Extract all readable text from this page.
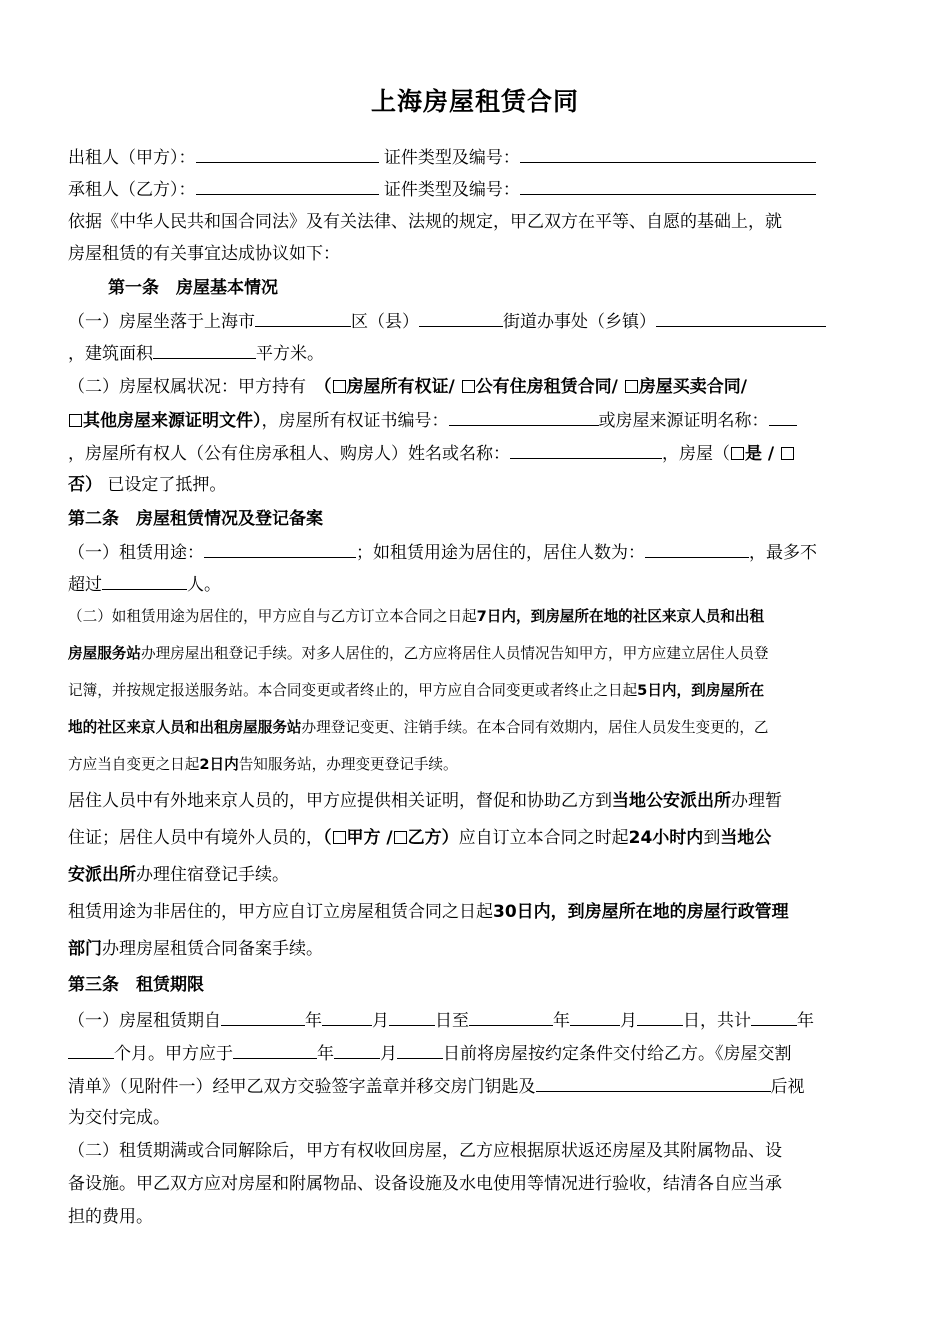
上海房屋租赁合同
出租人（甲方）：	证件类型及编号：
承租人（乙方）：	证件类型及编号：
依据《中华人民共和国合同法》及有关法律、法规的规定，甲乙双方在平等、自愿的基础上，就
房屋租赁的有关事宜达成协议如下：
第一条　房屋基本情况
（一）房屋坐落于上海市	区（县）	街道办事处（乡镇）
，建筑面积	平方米。
（二）房屋权属状况：甲方持有　（ 房屋所有权证/ 公有住房租赁合同/ 房屋买卖合同/
其他房屋来源证明文件），房屋所有权证书编号：	或房屋来源证明名称：
，房屋所有权人（公有住房承租人、购房人）姓名或名称：	，房屋（ 是 /
否） 已设定了抵押。
第二条　房屋租赁情况及登记备案
（一）租赁用途：	；如租赁用途为居住的，居住人数为：	，最多不
超过	人。
（二）如租赁用途为居住的，甲方应自与乙方订立本合同之日起7日内，到房屋所在地的社区来京人员和出租
房屋服务站办理房屋出租登记手续。对多人居住的，乙方应将居住人员情况告知甲方，甲方应建立居住人员登
记簿，并按规定报送服务站。本合同变更或者终止的，甲方应自合同变更或者终止之日起5日内，到房屋所在
地的社区来京人员和出租房屋服务站办理登记变更、注销手续。在本合同有效期内，居住人员发生变更的，乙
方应当自变更之日起2日内告知服务站，办理变更登记手续。
居住人员中有外地来京人员的，甲方应提供相关证明，督促和协助乙方到当地公安派出所办理暂
住证；居住人员中有境外人员的，（ 甲方 / 乙方）应自订立本合同之时起24小时内到当地公
安派出所办理住宿登记手续。
租赁用途为非居住的，甲方应自订立房屋租赁合同之日起30日内，到房屋所在地的房屋行政管理
部门办理房屋租赁合同备案手续。
第三条　租赁期限
（一）房屋租赁期自	年	月	日至	年	月	日，共计	年
个月。甲方应于	年	月	日前将房屋按约定条件交付给乙方。《房屋交割
清单》（见附件一）经甲乙双方交验签字盖章并移交房门钥匙及	后视
为交付完成。
（二）租赁期满或合同解除后，甲方有权收回房屋，乙方应根据原状返还房屋及其附属物品、设
备设施。甲乙双方应对房屋和附属物品、设备设施及水电使用等情况进行验收，结清各自应当承
担的费用。
